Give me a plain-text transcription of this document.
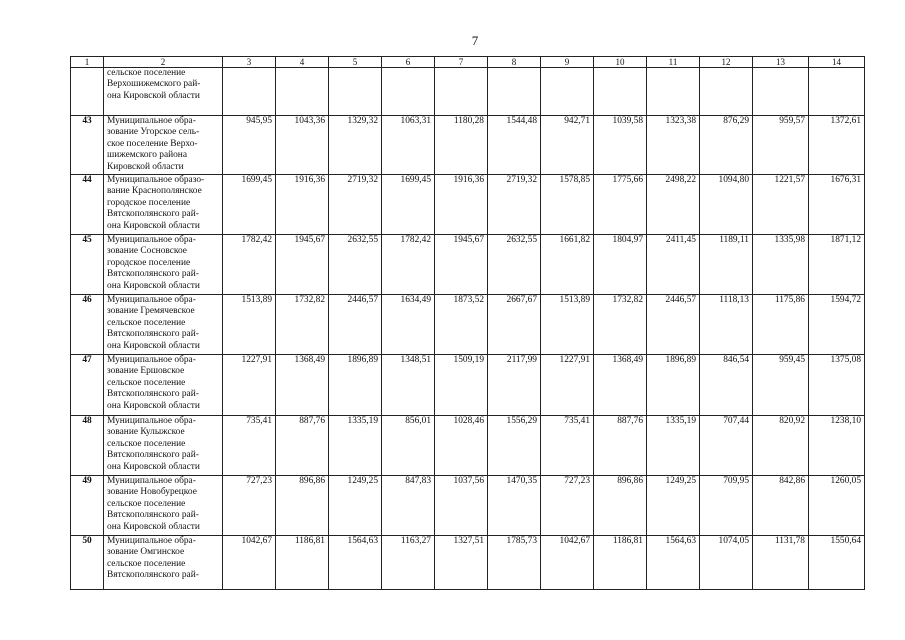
7
1	2	3	4	5	6	7	8	9	10	11	12	13	14
	сельское поселение
Верхошижемского рай-
она Кировской области												
43	Муниципальное обра-
зование Угорское сель-
ское поселение Верхо-
шижемского района
Кировской области	945,95	1043,36	1329,32	1063,31	1180,28	1544,48	942,71	1039,58	1323,38	876,29	959,57	1372,61
44	Муниципальное образо-
вание Краснополянское
городское поселение
Вятскополянского рай-
она Кировской области	1699,45	1916,36	2719,32	1699,45	1916,36	2719,32	1578,85	1775,66	2498,22	1094,80	1221,57	1676,31
45	Муниципальное обра-
зование Сосновское
городское поселение
Вятскополянского рай-
она Кировской области	1782,42	1945,67	2632,55	1782,42	1945,67	2632,55	1661,82	1804,97	2411,45	1189,11	1335,98	1871,12
46	Муниципальное обра-
зование Гремячевское
сельское поселение
Вятскополянского рай-
она Кировской области	1513,89	1732,82	2446,57	1634,49	1873,52	2667,67	1513,89	1732,82	2446,57	1118,13	1175,86	1594,72
47	Муниципальное обра-
зование Ершовское
сельское поселение
Вятскополянского рай-
она Кировской области	1227,91	1368,49	1896,89	1348,51	1509,19	2117,99	1227,91	1368,49	1896,89	846,54	959,45	1375,08
48	Муниципальное обра-
зование Кулыжское
сельское поселение
Вятскополянского рай-
она Кировской области	735,41	887,76	1335,19	856,01	1028,46	1556,29	735,41	887,76	1335,19	707,44	820,92	1238,10
49	Муниципальное обра-
зование Новобурецкое
сельское поселение
Вятскополянского рай-
она Кировской области	727,23	896,86	1249,25	847,83	1037,56	1470,35	727,23	896,86	1249,25	709,95	842,86	1260,05
50	Муниципальное обра-
зование Омгинское
сельское поселение
Вятскополянского рай-	1042,67	1186,81	1564,63	1163,27	1327,51	1785,73	1042,67	1186,81	1564,63	1074,05	1131,78	1550,64
